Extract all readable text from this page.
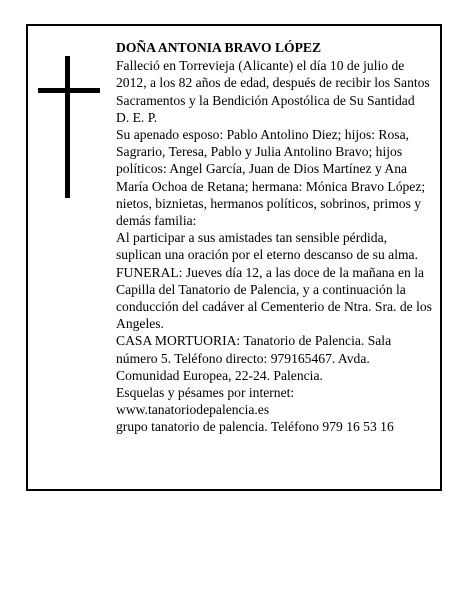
DOÑA ANTONIA BRAVO LÓPEZ

Falleció en Torrevieja (Alicante) el día 10 de julio de 2012, a los 82 años de edad, después de recibir los Santos Sacramentos y la Bendición Apostólica de Su Santidad

D. E. P.

Su apenado esposo: Pablo Antolino Diez; hijos: Rosa, Sagrario, Teresa, Pablo y Julia Antolino Bravo; hijos políticos: Angel García, Juan de Dios Martínez y Ana María Ochoa de Retana; hermana: Mónica Bravo López; nietos, biznietas, hermanos políticos, sobrinos, primos y demás familia:

Al participar a sus amistades tan sensible pérdida, suplican una oración por el eterno descanso de su alma.

FUNERAL: Jueves día 12, a las doce de la mañana en la Capilla del Tanatorio de Palencia, y a continuación la conducción del cadáver al Cementerio de Ntra. Sra. de los Angeles.

CASA MORTUORIA: Tanatorio de Palencia. Sala número 5. Teléfono directo: 979165467. Avda. Comunidad Europea, 22-24. Palencia.

Esquelas y pésames por internet:

www.tanatoriodepalencia.es

grupo tanatorio de palencia. Teléfono 979 16 53 16
